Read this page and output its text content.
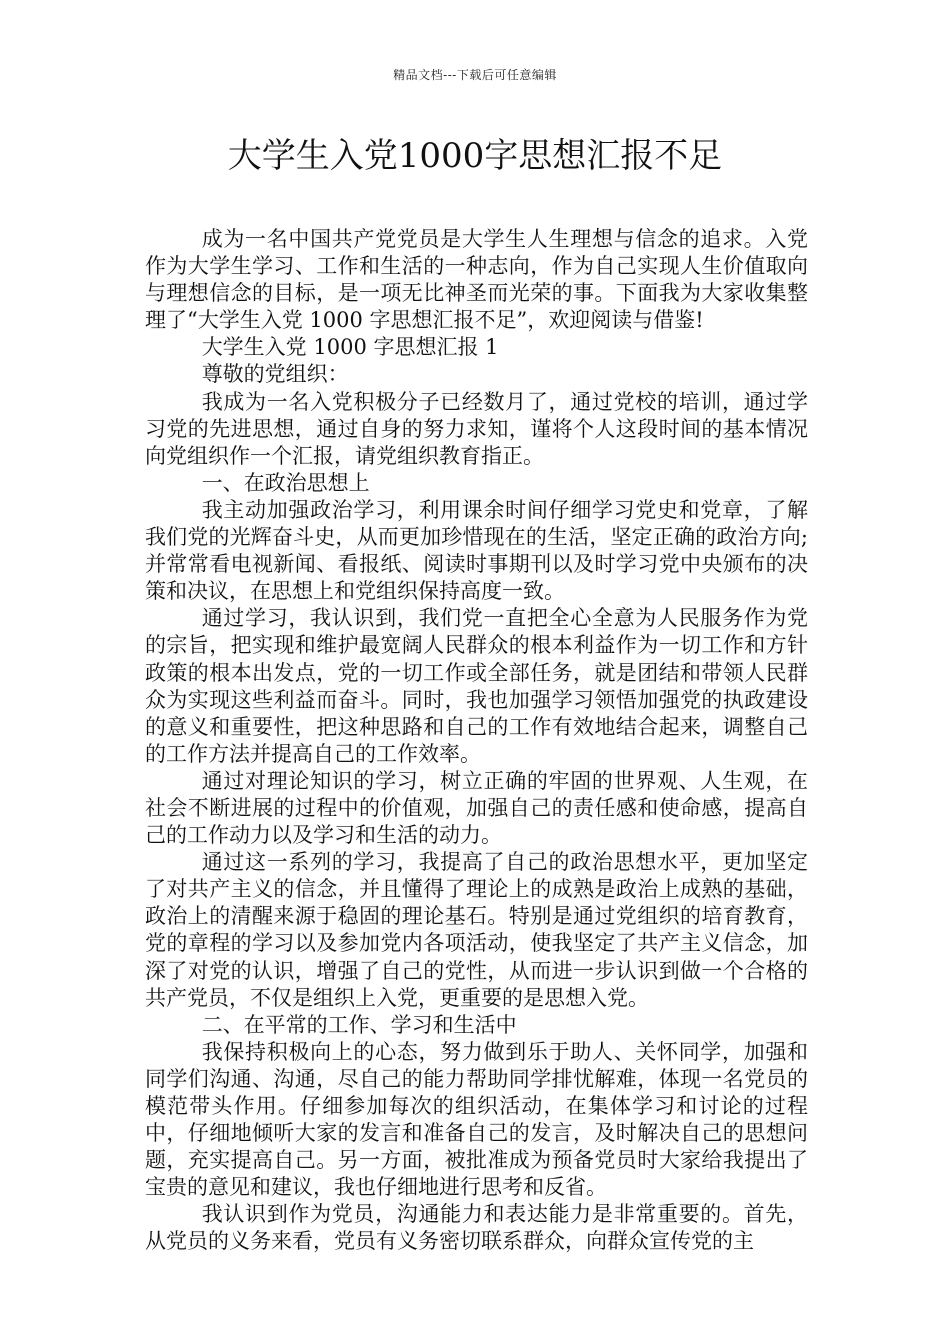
精品文档---下载后可任意编辑
大学生入党1000字思想汇报不足

成为一名中国共产党党员是大学生人生理想与信念的追求。入党作为大学生学习、工作和生活的一种志向，作为自己实现人生价值取向与理想信念的目标，是一项无比神圣而光荣的事。下面我为大家收集整理了“大学生入党 1000 字思想汇报不足”，欢迎阅读与借鉴!

大学生入党 1000 字思想汇报 1

尊敬的党组织：

我成为一名入党积极分子已经数月了，通过党校的培训，通过学习党的先进思想，通过自身的努力求知，谨将个人这段时间的基本情况向党组织作一个汇报，请党组织教育指正。

一、在政治思想上

我主动加强政治学习，利用课余时间仔细学习党史和党章，了解我们党的光辉奋斗史，从而更加珍惜现在的生活，坚定正确的政治方向;并常常看电视新闻、看报纸、阅读时事期刊以及时学习党中央颁布的决策和决议，在思想上和党组织保持高度一致。

通过学习，我认识到，我们党一直把全心全意为人民服务作为党的宗旨，把实现和维护最宽阔人民群众的根本利益作为一切工作和方针政策的根本出发点，党的一切工作或全部任务，就是团结和带领人民群众为实现这些利益而奋斗。同时，我也加强学习领悟加强党的执政建设的意义和重要性，把这种思路和自己的工作有效地结合起来，调整自己的工作方法并提高自己的工作效率。

通过对理论知识的学习，树立正确的牢固的世界观、人生观，在社会不断进展的过程中的价值观，加强自己的责任感和使命感，提高自己的工作动力以及学习和生活的动力。

通过这一系列的学习，我提高了自己的政治思想水平，更加坚定了对共产主义的信念，并且懂得了理论上的成熟是政治上成熟的基础，政治上的清醒来源于稳固的理论基石。特别是通过党组织的培育教育，党的章程的学习以及参加党内各项活动，使我坚定了共产主义信念，加深了对党的认识，增强了自己的党性，从而进一步认识到做一个合格的共产党员，不仅是组织上入党，更重要的是思想入党。

二、在平常的工作、学习和生活中

我保持积极向上的心态，努力做到乐于助人、关怀同学，加强和同学们沟通、沟通，尽自己的能力帮助同学排忧解难，体现一名党员的模范带头作用。仔细参加每次的组织活动，在集体学习和讨论的过程中，仔细地倾听大家的发言和准备自己的发言，及时解决自己的思想问题，充实提高自己。另一方面，被批准成为预备党员时大家给我提出了宝贵的意见和建议，我也仔细地进行思考和反省。

我认识到作为党员，沟通能力和表达能力是非常重要的。首先，从党员的义务来看，党员有义务密切联系群众，向群众宣传党的主
